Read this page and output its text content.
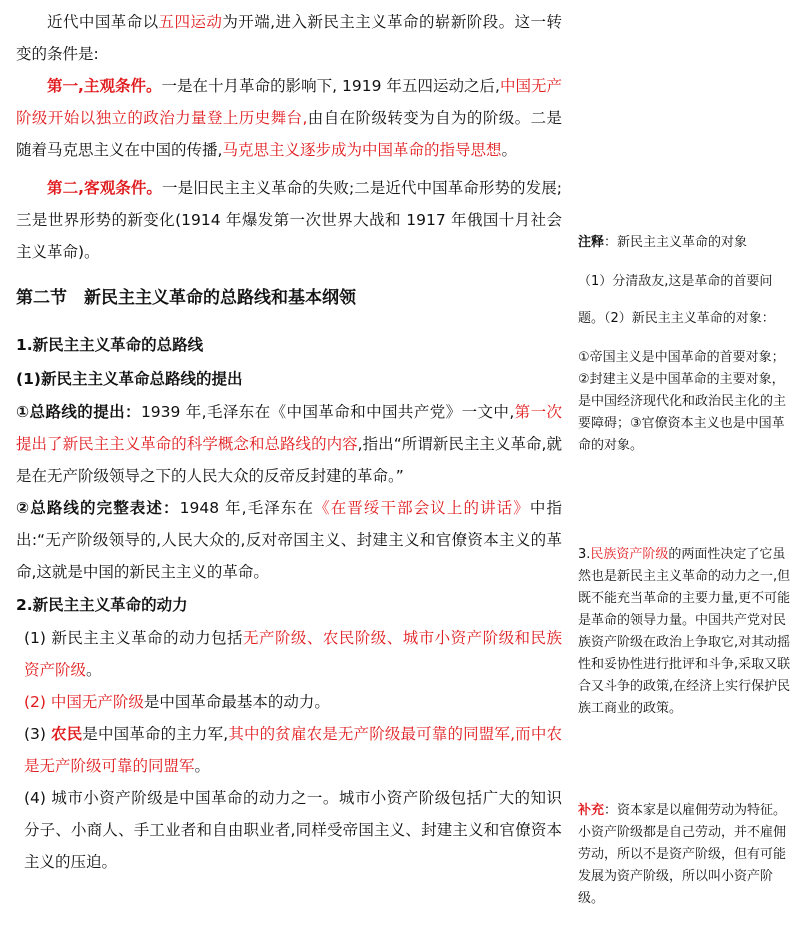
近代中国革命以五四运动为开端,进入新民主主义革命的崭新阶段。这一转变的条件是:

第一,主观条件。一是在十月革命的影响下, 1919 年五四运动之后,中国无产阶级开始以独立的政治力量登上历史舞台,由自在阶级转变为自为的阶级。二是随着马克思主义在中国的传播,马克思主义逐步成为中国革命的指导思想。

第二,客观条件。一是旧民主主义革命的失败;二是近代中国革命形势的发展;三是世界形势的新变化(1914 年爆发第一次世界大战和 1917 年俄国十月社会主义革命)。

第二节　新民主主义革命的总路线和基本纲领

1.新民主主义革命的总路线

(1)新民主主义革命总路线的提出

①总路线的提出：1939 年,毛泽东在《中国革命和中国共产党》一文中,第一次提出了新民主主义革命的科学概念和总路线的内容,指出“所谓新民主主义革命,就是在无产阶级领导之下的人民大众的反帝反封建的革命。”

②总路线的完整表述：1948 年,毛泽东在《在晋绥干部会议上的讲话》中指出:“无产阶级领导的,人民大众的,反对帝国主义、封建主义和官僚资本主义的革命,这就是中国的新民主主义的革命。

2.新民主主义革命的动力

(1) 新民主主义革命的动力包括无产阶级、农民阶级、城市小资产阶级和民族资产阶级。

(2) 中国无产阶级是中国革命最基本的动力。

(3) 农民是中国革命的主力军,其中的贫雇农是无产阶级最可靠的同盟军,而中农是无产阶级可靠的同盟军。

(4) 城市小资产阶级是中国革命的动力之一。城市小资产阶级包括广大的知识分子、小商人、手工业者和自由职业者,同样受帝国主义、封建主义和官僚资本主义的压迫。

注释：新民主主义革命的对象

（1）分清敌友,这是革命的首要问题。（2）新民主主义革命的对象：

①帝国主义是中国革命的首要对象；②封建主义是中国革命的主要对象，是中国经济现代化和政治民主化的主要障碍；③官僚资本主义也是中国革命的对象。

3.民族资产阶级的两面性决定了它虽然也是新民主主义革命的动力之一,但既不能充当革命的主要力量,更不可能是革命的领导力量。中国共产党对民族资产阶级在政治上争取它,对其动摇性和妥协性进行批评和斗争,采取又联合又斗争的政策,在经济上实行保护民族工商业的政策。

补充：资本家是以雇佣劳动为特征。小资产阶级都是自己劳动，并不雇佣劳动，所以不是资产阶级，但有可能发展为资产阶级，所以叫小资产阶级。
